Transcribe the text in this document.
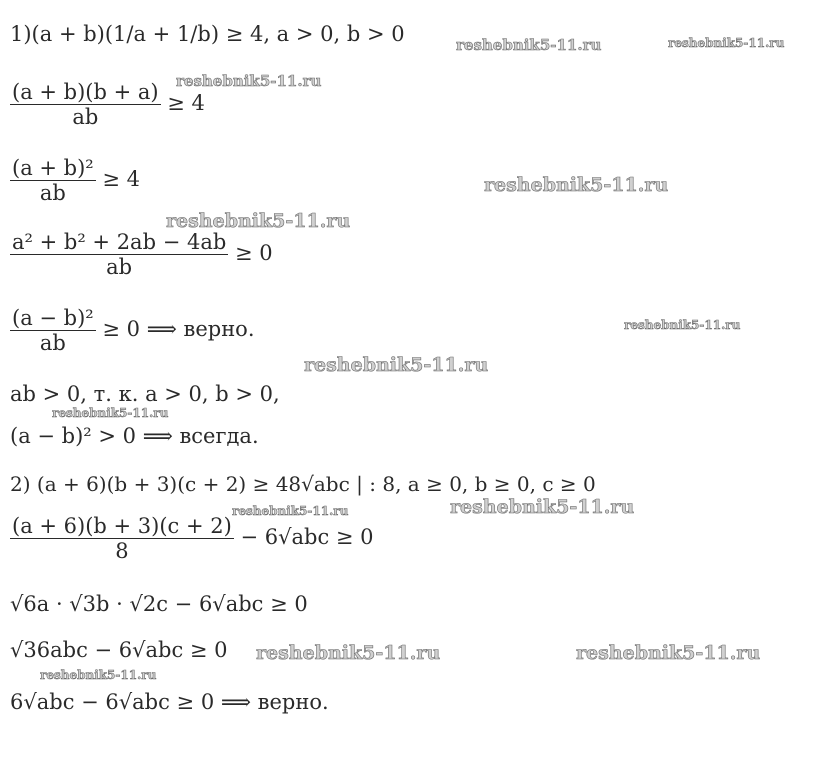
1)(a + b)(1/a + 1/b) ≥ 4, a > 0, b > 0
$\frac{(a + b)(b + a)}{ab} \ge 4$
$\frac{\text{(a + b)²}}{ab} \ge 4$
$\frac{\text{a² + b² + 2ab − 4ab}}{ab} \ge 0$
$\frac{\text{(a − b)²}}{ab} \ge 0$ ⟹ верно.
ab > 0, т. к. a > 0, b > 0,
(a − b)² > 0 ⟹ всегда.
2) (a + 6)(b + 3)(c + 2) ≥ 48√abc | : 8, a ≥ 0, b ≥ 0, c ≥ 0
$\frac{(a + 6)(b + 3)(c + 2)}{8} - 6√abc \ge 0$
√6a · √3b · √2c − 6√abc ≥ 0
√36abc − 6√abc ≥ 0
6√abc − 6√abc ≥ 0 ⟹ верно.
reshebnik5-11.ru	reshebnik5-11.ru
reshebnik5-11.ru
reshebnik5-11.ru
reshebnik5-11.ru
reshebnik5-11.ru
reshebnik5-11.ru
reshebnik5-11.ru
reshebnik5-11.ru	reshebnik5-11.ru
reshebnik5-11.ru	reshebnik5-11.ru
reshebnik5-11.ru
